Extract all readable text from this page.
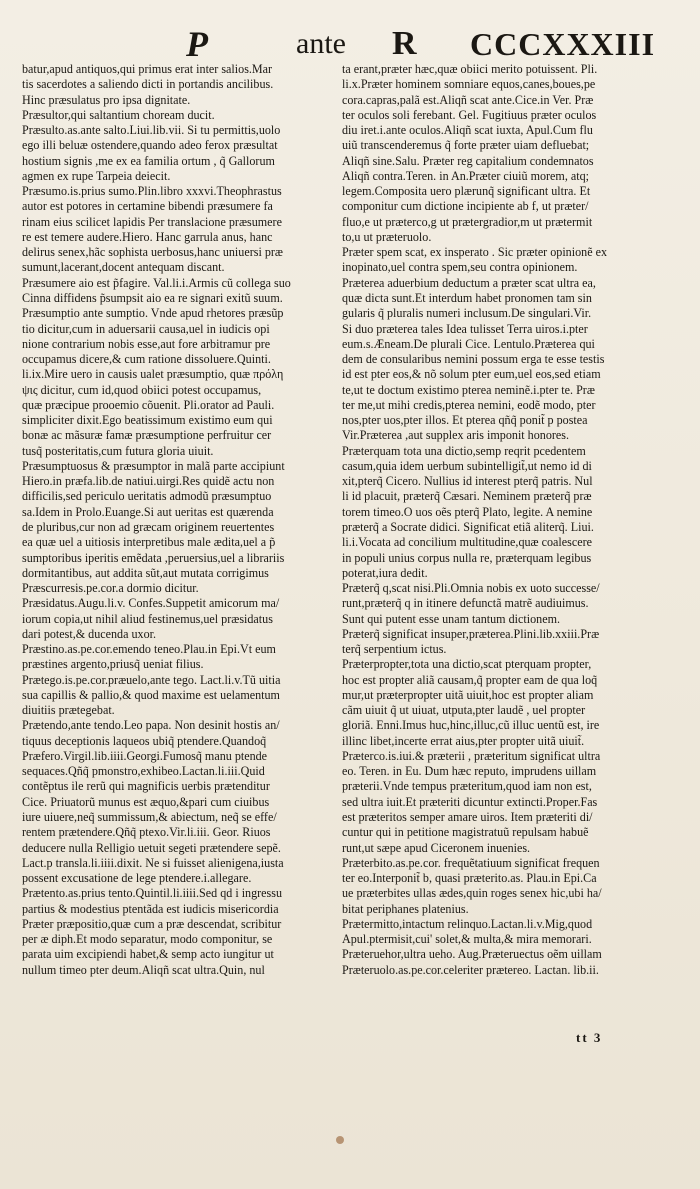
P	ante R CCCXXXIII
batur,apud antiquos,qui primus erat inter salios.Mar
tis sacerdotes a saliendo dicti in portandis ancilibus.
Hinc præsulatus pro ipsa dignitate.
Præsultor,qui saltantium choream ducit.
Præsulto.as.ante salto.Liui.lib.vii. Si tu permittis,uolo
ego illi beluæ ostendere,quando adeo ferox præsultat
hostium signis ,me ex ea familia ortum , q̃ Gallorum
agmen ex rupe Tarpeia deiecit.
Præsumo.is.prius sumo.Plin.libro xxxvi.Theophrastus
autor est potores in certamine bibendi præsumere fa
rinam eius scilicet lapidis Per translacione præsumere
re est temere audere.Hiero. Hanc garrula anus, hanc
delirus senex,hãc sophista uerbosus,hanc uniuersi præ
sumunt,lacerant,docent antequam discant.
Præsumere aio est p̃fagire. Val.li.i.Armis cũ collega suo
Cinna diffidens p̃sumpsit aio ea re signari exitũ suum.
Præsumptio ante sumptio. Vnde apud rhetores præsũp
tio dicitur,cum in aduersarii causa,uel in iudicis opi
nione contrarium nobis esse,aut fore arbitramur pre
occupamus dicere,& cum ratione dissoluere.Quinti.
li.ix.Mire uero in causis ualet præsumptio, quæ πρόλη
ψις dicitur, cum id,quod obiici potest occupamus,
quæ præcipue prooemio cõuenit. Pli.orator ad Pauli.
simpliciter dixit.Ego beatissimum existimo eum qui
bonæ ac mãsuræ famæ præsumptione perfruitur cer
tusq̃ posteritatis,cum futura gloria uiuit.
Præsumptuosus & præsumptor in malã parte accipiunt
Hiero.in præfa.lib.de natiui.uirgi.Res quidẽ actu non
difficilis,sed periculo ueritatis admodũ præsumptuo
sa.Idem in Prolo.Euange.Si aut ueritas est quærenda
de pluribus,cur non ad græcam originem reuertentes
ea quæ uel a uitiosis interpretibus male ædita,uel a p̃
sumptoribus iperitis emẽdata ,peruersius,uel a librariis
dormitantibus, aut addita sũt,aut mutata corrigimus
Præscurresis.pe.cor.a dormio dicitur.
Præsidatus.Augu.li.v. Confes.Suppetit amicorum ma/
iorum copia,ut nihil aliud festinemus,uel præsidatus
dari potest,& ducenda uxor.
Præstino.as.pe.cor.emendo teneo.Plau.in Epi.Vt eum
præstines argento,priusq̃ ueniat filius.
Prætego.is.pe.cor.præuelo,ante tego. Lact.li.v.Tũ uitia
sua capillis & pallio,& quod maxime est uelamentum
diuitiis prætegebat.
Prætendo,ante tendo.Leo papa. Non desinit hostis an/
tiquus deceptionis laqueos ubiq̃ ptendere.Quandoq̃
Præfero.Virgil.lib.iiii.Georgi.Fumosq̃ manu ptende
sequaces.Qñq̃ pmonstro,exhibeo.Lactan.li.iii.Quid
contẽptus ile rerũ qui magnificis uerbis prætenditur
Cice. Priuatorũ munus est æquo,&pari cum ciuibus
iure uiuere,neq̃ summissum,& abiectum, neq̃ se effe/
rentem prætendere.Qñq̃ ptexo.Vir.li.iii. Geor. Riuos
deducere nulla Relligio uetuit segeti prætendere sepẽ.
Lact.p transla.li.iiii.dixit. Ne si fuisset alienigena,iusta
possent excusatione de lege ptendere.i.allegare.
Prætento.as.prius tento.Quintil.li.iiii.Sed qd i ingressu
partius & modestius ptentãda est iudicis misericordia
Præter præpositio,quæ cum a præ descendat, scribitur
per æ diph.Et modo separatur, modo componitur, se
parata uim excipiendi habet,& semp acto iungitur ut
nullum timeo pter deum.Aliqñ scat ultra.Quin, nul
ta erant,præter hæc,quæ obiici merito potuissent. Pli.
li.x.Præter hominem somniare equos,canes,boues,pe
cora.capras,palã est.Aliqñ scat ante.Cice.in Ver. Præ
ter oculos soli ferebant. Gel. Fugitiuus præter oculos
diu iret.i.ante oculos.Aliqñ scat iuxta, Apul.Cum flu
uiũ transcenderemus q̃ forte præter uiam defluebat;
Aliqñ sine.Salu. Præter reg capitalium condemnatos
Aliqñ contra.Teren. in An.Præter ciuiũ morem, atq;
legem.Composita uero plærunq̃ significant ultra. Et
componitur cum dictione incipiente ab f, ut præter/
fluo,e ut præterco,g ut prætergradior,m ut prætermit
to,u ut præteruolo.
Præter spem scat, ex insperato . Sic præter opinionẽ ex
inopinato,uel contra spem,seu contra opinionem.
Præterea aduerbium deductum a præter scat ultra ea,
quæ dicta sunt.Et interdum habet pronomen tam sin
gularis q̃ pluralis numeri inclusum.De singulari.Vir.
Si duo præterea tales Idea tulisset Terra uiros.i.pter
eum.s.Æneam.De plurali Cice. Lentulo.Præterea qui
dem de consularibus nemini possum erga te esse testis
id est pter eos,& nõ solum pter eum,uel eos,sed etiam
te,ut te doctum existimo pterea neminẽ.i.pter te. Præ
ter me,ut mihi credis,pterea nemini, eodẽ modo, pter
nos,pter uos,pter illos. Et pterea qñq̃ ponit̃ p postea
Vir.Præterea ,aut supplex aris imponit honores.
Præterquam tota una dictio,semp reqrit pcedentem
casum,quia idem uerbum subintelligit̃,ut nemo id di
xit,pterq̃ Cicero. Nullius id interest pterq̃ patris. Nul
li id placuit, præterq̃ Cæsari. Neminem præterq̃ præ
torem timeo.O uos oẽs pterq̃ Plato, legite. A nemine
præterq̃ a Socrate didici. Significat etiã aliterq̃. Liui.
li.i.Vocata ad concilium multitudine,quæ coalescere
in populi unius corpus nulla re, præterquam legibus
poterat,iura dedit.
Præterq̃ q,scat nisi.Pli.Omnia nobis ex uoto successe/
runt,præterq̃ q in itinere defunctã matrẽ audiuimus.
Sunt qui putent esse unam tantum dictionem.
Præterq̃ significat insuper,præterea.Plini.lib.xxiii.Præ
terq̃ serpentium ictus.
Præterpropter,tota una dictio,scat pterquam propter,
hoc est propter aliã causam,q̃ propter eam de qua loq̃
mur,ut præterpropter uitã uiuit,hoc est propter aliam
cãm uiuit q̃ ut uiuat, utputa,pter laudẽ , uel propter
gloriã. Enni.Imus huc,hinc,illuc,cũ illuc uentũ est, ire
illinc libet,incerte errat aius,pter propter uitã uiuit̃.
Præterco.is.iui.& præterii , præteritum significat ultra
eo. Teren. in Eu. Dum hæc reputo, imprudens uillam
præterii.Vnde tempus præteritum,quod iam non est,
sed ultra iuit.Et præteriti dicuntur extincti.Proper.Fas
est præteritos semper amare uiros. Item præteriti di/
cuntur qui in petitione magistratuũ repulsam habuẽ
runt,ut sæpe apud Ciceronem inuenies.
Præterbito.as.pe.cor. frequẽtatiuum significat frequen
ter eo.Interponit̃ b, quasi præterito.as. Plau.in Epi.Ca
ue præterbites ullas ædes,quin roges senex hic,ubi ha/
bitat periphanes platenius.
Prætermitto,intactum relinquo.Lactan.li.v.Mig,quod
Apul.ptermisit,cui' solet,& multa,& mira memorari.
Præteruehor,ultra ueho. Aug.Præteruectus oẽm uillam
Præteruolo.as.pe.cor.celeriter prætereo. Lactan. lib.ii.
tt 3
